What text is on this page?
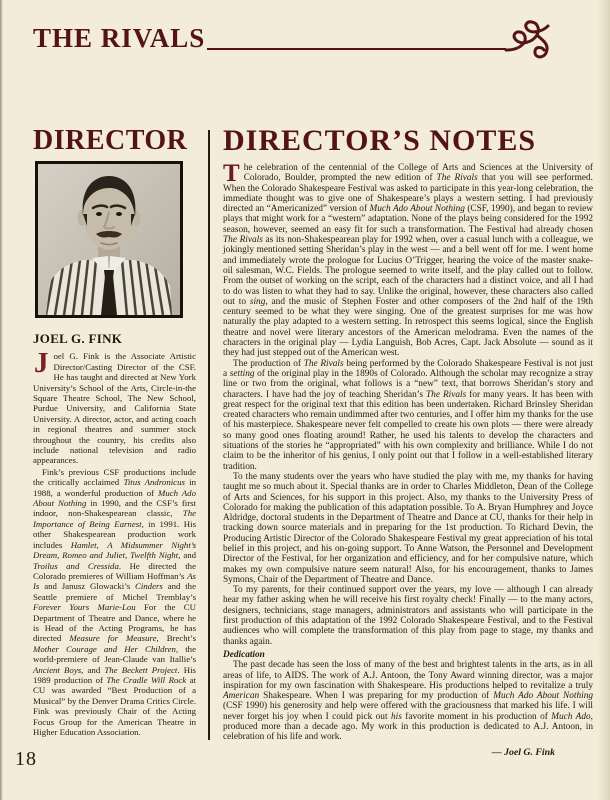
THE RIVALS
DIRECTOR
JOEL G. FINK

Joel G. Fink is the Associate Artistic Director/Casting Director of the CSF. He has taught and directed at New York University’s School of the Arts, Circle-in-the Square Theatre School, The New School, Purdue University, and California State University. A director, actor, and acting coach in regional theatres and summer stock throughout the country, his credits also include national television and radio appearances.

Fink’s previous CSF productions include the critically acclaimed Titus Andronicus in 1988, a wonderful production of Much Ado About Nothing in 1990, and the CSF’s first indoor, non-Shakespearean classic, The Importance of Being Earnest, in 1991. His other Shakespearean production work includes Hamlet, A Midsummer Night’s Dream, Romeo and Juliet, Twelfth Night, and Troilus and Cressida. He directed the Colorado premieres of William Hoffman’s As Is and Janusz Glowacki’s Cinders and the Seattle premiere of Michel Tremblay’s Forever Yours Marie-Lou For the CU Department of Theatre and Dance, where he is Head of the Acting Programs, he has directed Measure for Measure, Brecht’s Mother Courage and Her Children, the world-premiere of Jean-Claude van Itallie’s Ancient Boys, and The Beckett Project. His 1989 production of The Cradle Will Rock at CU was awarded “Best Production of a Musical” by the Denver Drama Critics Circle. Fink was previously Chair of the Acting Focus Group for the American Theatre in Higher Education Association.

DIRECTOR’S NOTES

The celebration of the centennial of the College of Arts and Sciences at the University of Colorado, Boulder, prompted the new edition of The Rivals that you will see performed. When the Colorado Shakespeare Festival was asked to participate in this year-long celebration, the immediate thought was to give one of Shakespeare’s plays a western setting. I had previously directed an “Americanized” version of Much Ado About Nothing (CSF, 1990), and began to review plays that might work for a “western” adaptation. None of the plays being considered for the 1992 season, however, seemed an easy fit for such a transformation. The Festival had already chosen The Rivals as its non-Shakespearean play for 1992 when, over a casual lunch with a colleague, we jokingly mentioned setting Sheridan’s play in the west — and a bell went off for me. I went home and immediately wrote the prologue for Lucius O’Trigger, hearing the voice of the master snake-oil salesman, W.C. Fields. The prologue seemed to write itself, and the play called out to follow. From the outset of working on the script, each of the characters had a distinct voice, and all I had to do was listen to what they had to say. Unlike the original, however, these characters also called out to sing, and the music of Stephen Foster and other composers of the 2nd half of the 19th century seemed to be what they were singing. One of the greatest surprises for me was how naturally the play adapted to a western setting. In retrospect this seems logical, since the English theatre and novel were literary ancestors of the American melodrama. Even the names of the characters in the original play — Lydia Languish, Bob Acres, Capt. Jack Absolute — sound as it they had just stepped out of the American west.

The production of The Rivals being performed by the Colorado Shakespeare Festival is not just a setting of the original play in the 1890s of Colorado. Although the scholar may recognize a stray line or two from the original, what follows is a “new” text, that borrows Sheridan’s story and characters. I have had the joy of teaching Sheridan’s The Rivals for many years. It has been with great respect for the original text that this edition has been undertaken. Richard Brinsley Sheridan created characters who remain undimmed after two centuries, and I offer him my thanks for the use of his masterpiece. Shakespeare never felt compelled to create his own plots — there were already so many good ones floating around! Rather, he used his talents to develop the characters and situations of the stories he “appropriated” with his own complexity and brilliance. While I do not claim to be the inheritor of his genius, I only point out that I follow in a well-established literary tradition.

To the many students over the years who have studied the play with me, my thanks for having taught me so much about it. Special thanks are in order to Charles Middleton, Dean of the College of Arts and Sciences, for his support in this project. Also, my thanks to the University Press of Colorado for making the publication of this adaptation possible. To A. Bryan Humphrey and Joyce Aldridge, doctoral students in the Department of Theatre and Dance at CU, thanks for their help in tracking down source materials and in preparing for the 1st production. To Richard Devin, the Producing Artistic Director of the Colorado Shakespeare Festival my great appreciation of his total belief in this project, and his on-going support. To Anne Watson, the Personnel and Development Director of the Festival, for her organization and efficiency, and for her compulsive nature, which makes my own compulsive nature seem natural! Also, for his encouragement, thanks to James Symons, Chair of the Department of Theatre and Dance.

To my parents, for their continued support over the years, my love — although I can already hear my father asking when he will receive his first royalty check! Finally — to the many actors, designers, technicians, stage managers, administrators and assistants who will participate in the first production of this adaptation of the 1992 Colorado Shakespeare Festival, and to the Festival audiences who will complete the transformation of this play from page to stage, my thanks and thanks again.

Dedication

The past decade has seen the loss of many of the best and brightest talents in the arts, as in all areas of life, to AIDS. The work of A.J. Antoon, the Tony Award winning director, was a major inspiration for my own fascination with Shakespeare. His productions helped to revitalize a truly American Shakespeare. When I was preparing for my production of Much Ado About Nothing (CSF 1990) his generosity and help were offered with the graciousness that marked his life. I will never forget his joy when I could pick out his favorite moment in his production of Much Ado, produced more than a decade ago. My work in this production is dedicated to A.J. Antoon, in celebration of his life and work.

— Joel G. Fink

18
